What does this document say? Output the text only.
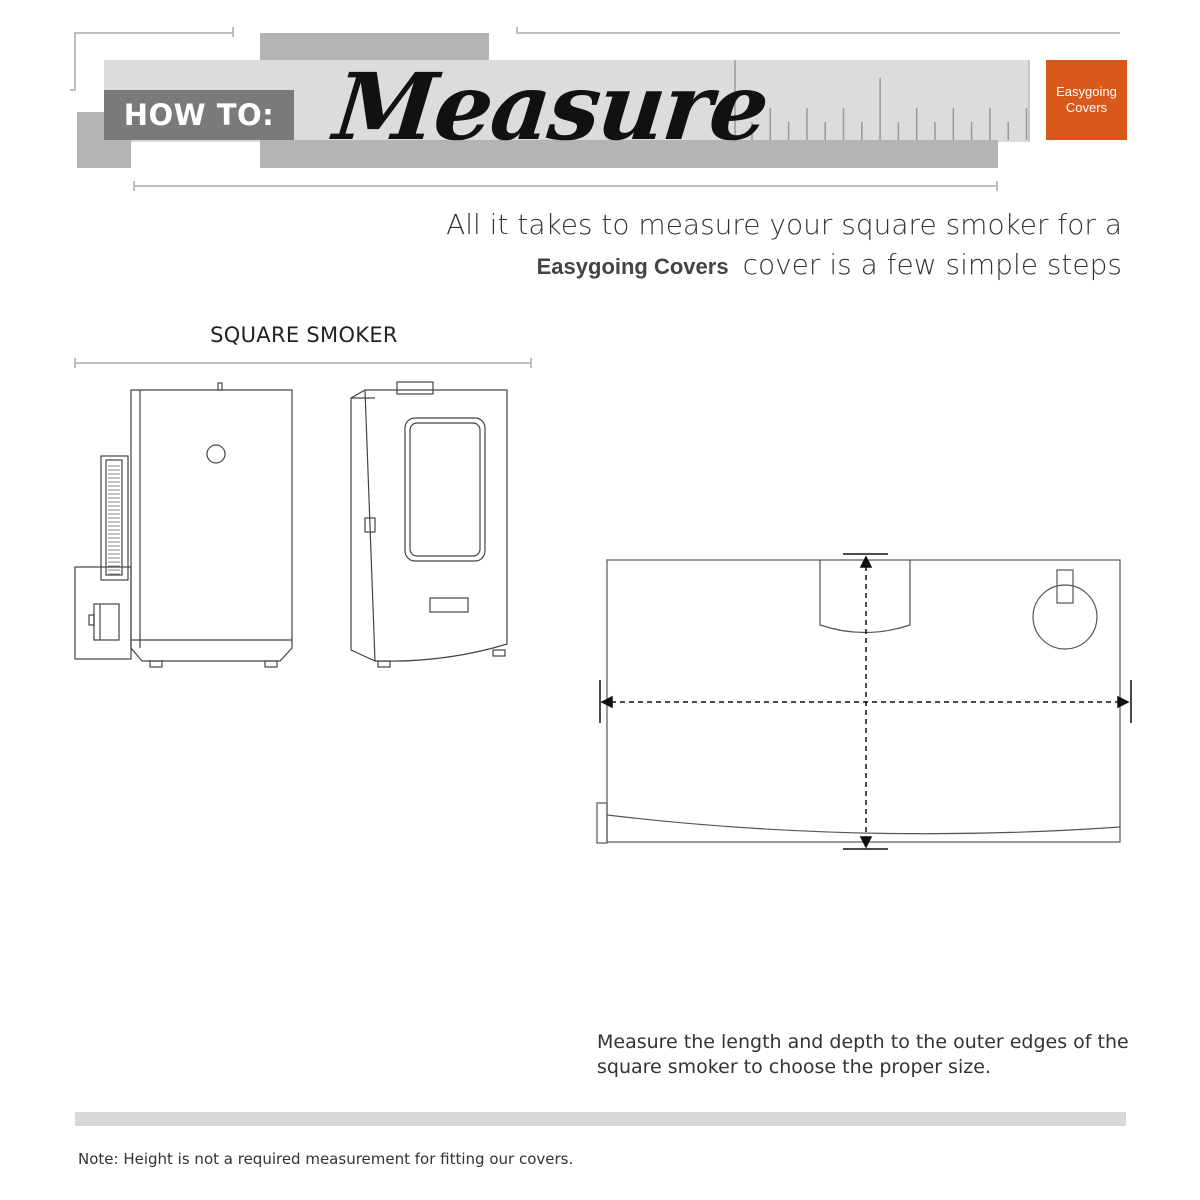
HOW TO: Measure	Easygoing
Covers
All it takes to measure your square smoker for a
Easygoing Covers cover is a few simple steps
SQUARE SMOKER
Measure the length and depth to the outer edges of the square smoker to choose the proper size.
Note: Height is not a required measurement for fitting our covers.
